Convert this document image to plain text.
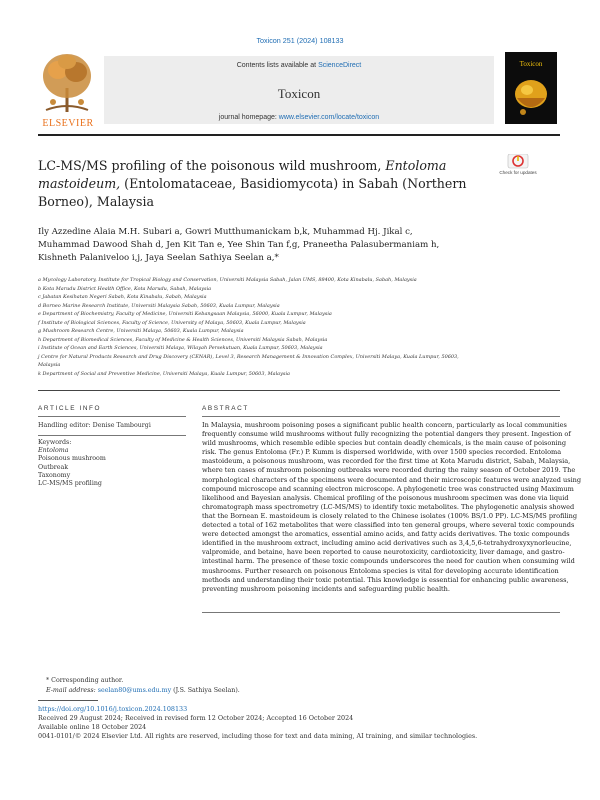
Toxicon 251 (2024) 108133
ELSEVIER
Contents lists available at ScienceDirect
Toxicon
journal homepage: www.elsevier.com/locate/toxicon
Toxicon
LC-MS/MS profiling of the poisonous wild mushroom, Entoloma
mastoideum, (Entolomataceae, Basidiomycota) in Sabah (Northern
Borneo), Malaysia
Check for updates
Ily Azzedine Alaia M.H. Subari a, Gowri Mutthumanickam b,k, Muhammad Hj. Jikal c,
Muhammad Dawood Shah d, Jen Kit Tan e, Yee Shin Tan f,g, Praneetha Palasubermaniam h,
Kishneth Palaniveloo i,j, Jaya Seelan Sathiya Seelan a,*
a Mycology Laboratory, Institute for Tropical Biology and Conservation, Universiti Malaysia Sabah, Jalan UMS, 88400, Kota Kinabalu, Sabah, Malaysia
b Kota Marudu District Health Office, Kota Marudu, Sabah, Malaysia
c Jabatan Kesihatan Negeri Sabah, Kota Kinabalu, Sabah, Malaysia
d Borneo Marine Research Institute, Universiti Malaysia Sabah, 50603, Kuala Lumpur, Malaysia
e Department of Biochemistry, Faculty of Medicine, Universiti Kebangsaan Malaysia, 56000, Kuala Lumpur, Malaysia
f Institute of Biological Sciences, Faculty of Science, University of Malaya, 50603, Kuala Lumpur, Malaysia
g Mushroom Research Centre, Universiti Malaya, 50603, Kuala Lumpur, Malaysia
h Department of Biomedical Sciences, Faculty of Medicine & Health Sciences, Universiti Malaysia Sabah, Malaysia
i Institute of Ocean and Earth Sciences, Universiti Malaya, Wilayah Persekutuan, Kuala Lumpur, 50603, Malaysia
j Centre for Natural Products Research and Drug Discovery (CENAR), Level 3, Research Management & Innovation Complex, Universiti Malaya, Kuala Lumpur, 50603,
Malaysia
k Department of Social and Preventive Medicine, Universiti Malaya, Kuala Lumpur, 50603, Malaysia
ARTICLE INFO	ABSTRACT
Handling editor: Denise Tambourgi
Keywords:
Entoloma
Poisonous mushroom
Outbreak
Taxonomy
LC-MS/MS profiling
In Malaysia, mushroom poisoning poses a significant public health concern, particularly as local communities
frequently consume wild mushrooms without fully recognizing the potential dangers they present. Ingestion of
wild mushrooms, which resemble edible species but contain deadly chemicals, is the main cause of poisoning
risk. The genus Entoloma (Fr.) P. Kumm is dispersed worldwide, with over 1500 species recorded. Entoloma
mastoideum, a poisonous mushroom, was recorded for the first time at Kota Marudu district, Sabah, Malaysia,
where ten cases of mushroom poisoning outbreaks were recorded during the rainy season of October 2019. The
morphological characters of the specimens were documented and their microscopic features were analyzed using
compound microscope and scanning electron microscope. A phylogenetic tree was constructed using Maximum
likelihood and Bayesian analysis. Chemical profiling of the poisonous mushroom specimen was done via liquid
chromatograph mass spectrometry (LC-MS/MS) to identify toxic metabolites. The phylogenetic analysis showed
that the Bornean E. mastoideum is closely related to the Chinese isolates (100% BS/1.0 PP). LC-MS/MS profiling
detected a total of 162 metabolites that were classified into ten general groups, where several toxic compounds
were detected amongst the aromatics, essential amino acids, and fatty acids derivatives. The toxic compounds
identified in the mushroom extract, including amino acid derivatives such as 3,4,5,6-tetrahydroxyxynorleucine,
valpromide, and betaine, have been reported to cause neurotoxicity, cardiotoxicity, liver damage, and gastro-
intestinal harm. The presence of these toxic compounds underscores the need for caution when consuming wild
mushrooms. Further research on poisonous Entoloma species is vital for developing accurate identification
methods and understanding their toxic potential. This knowledge is essential for enhancing public awareness,
preventing mushroom poisoning incidents and safeguarding public health.
* Corresponding author.
E-mail address: seelan80@ums.edu.my (J.S. Sathiya Seelan).
https://doi.org/10.1016/j.toxicon.2024.108133
Received 29 August 2024; Received in revised form 12 October 2024; Accepted 16 October 2024
Available online 18 October 2024
0041-0101/© 2024 Elsevier Ltd. All rights are reserved, including those for text and data mining, AI training, and similar technologies.
